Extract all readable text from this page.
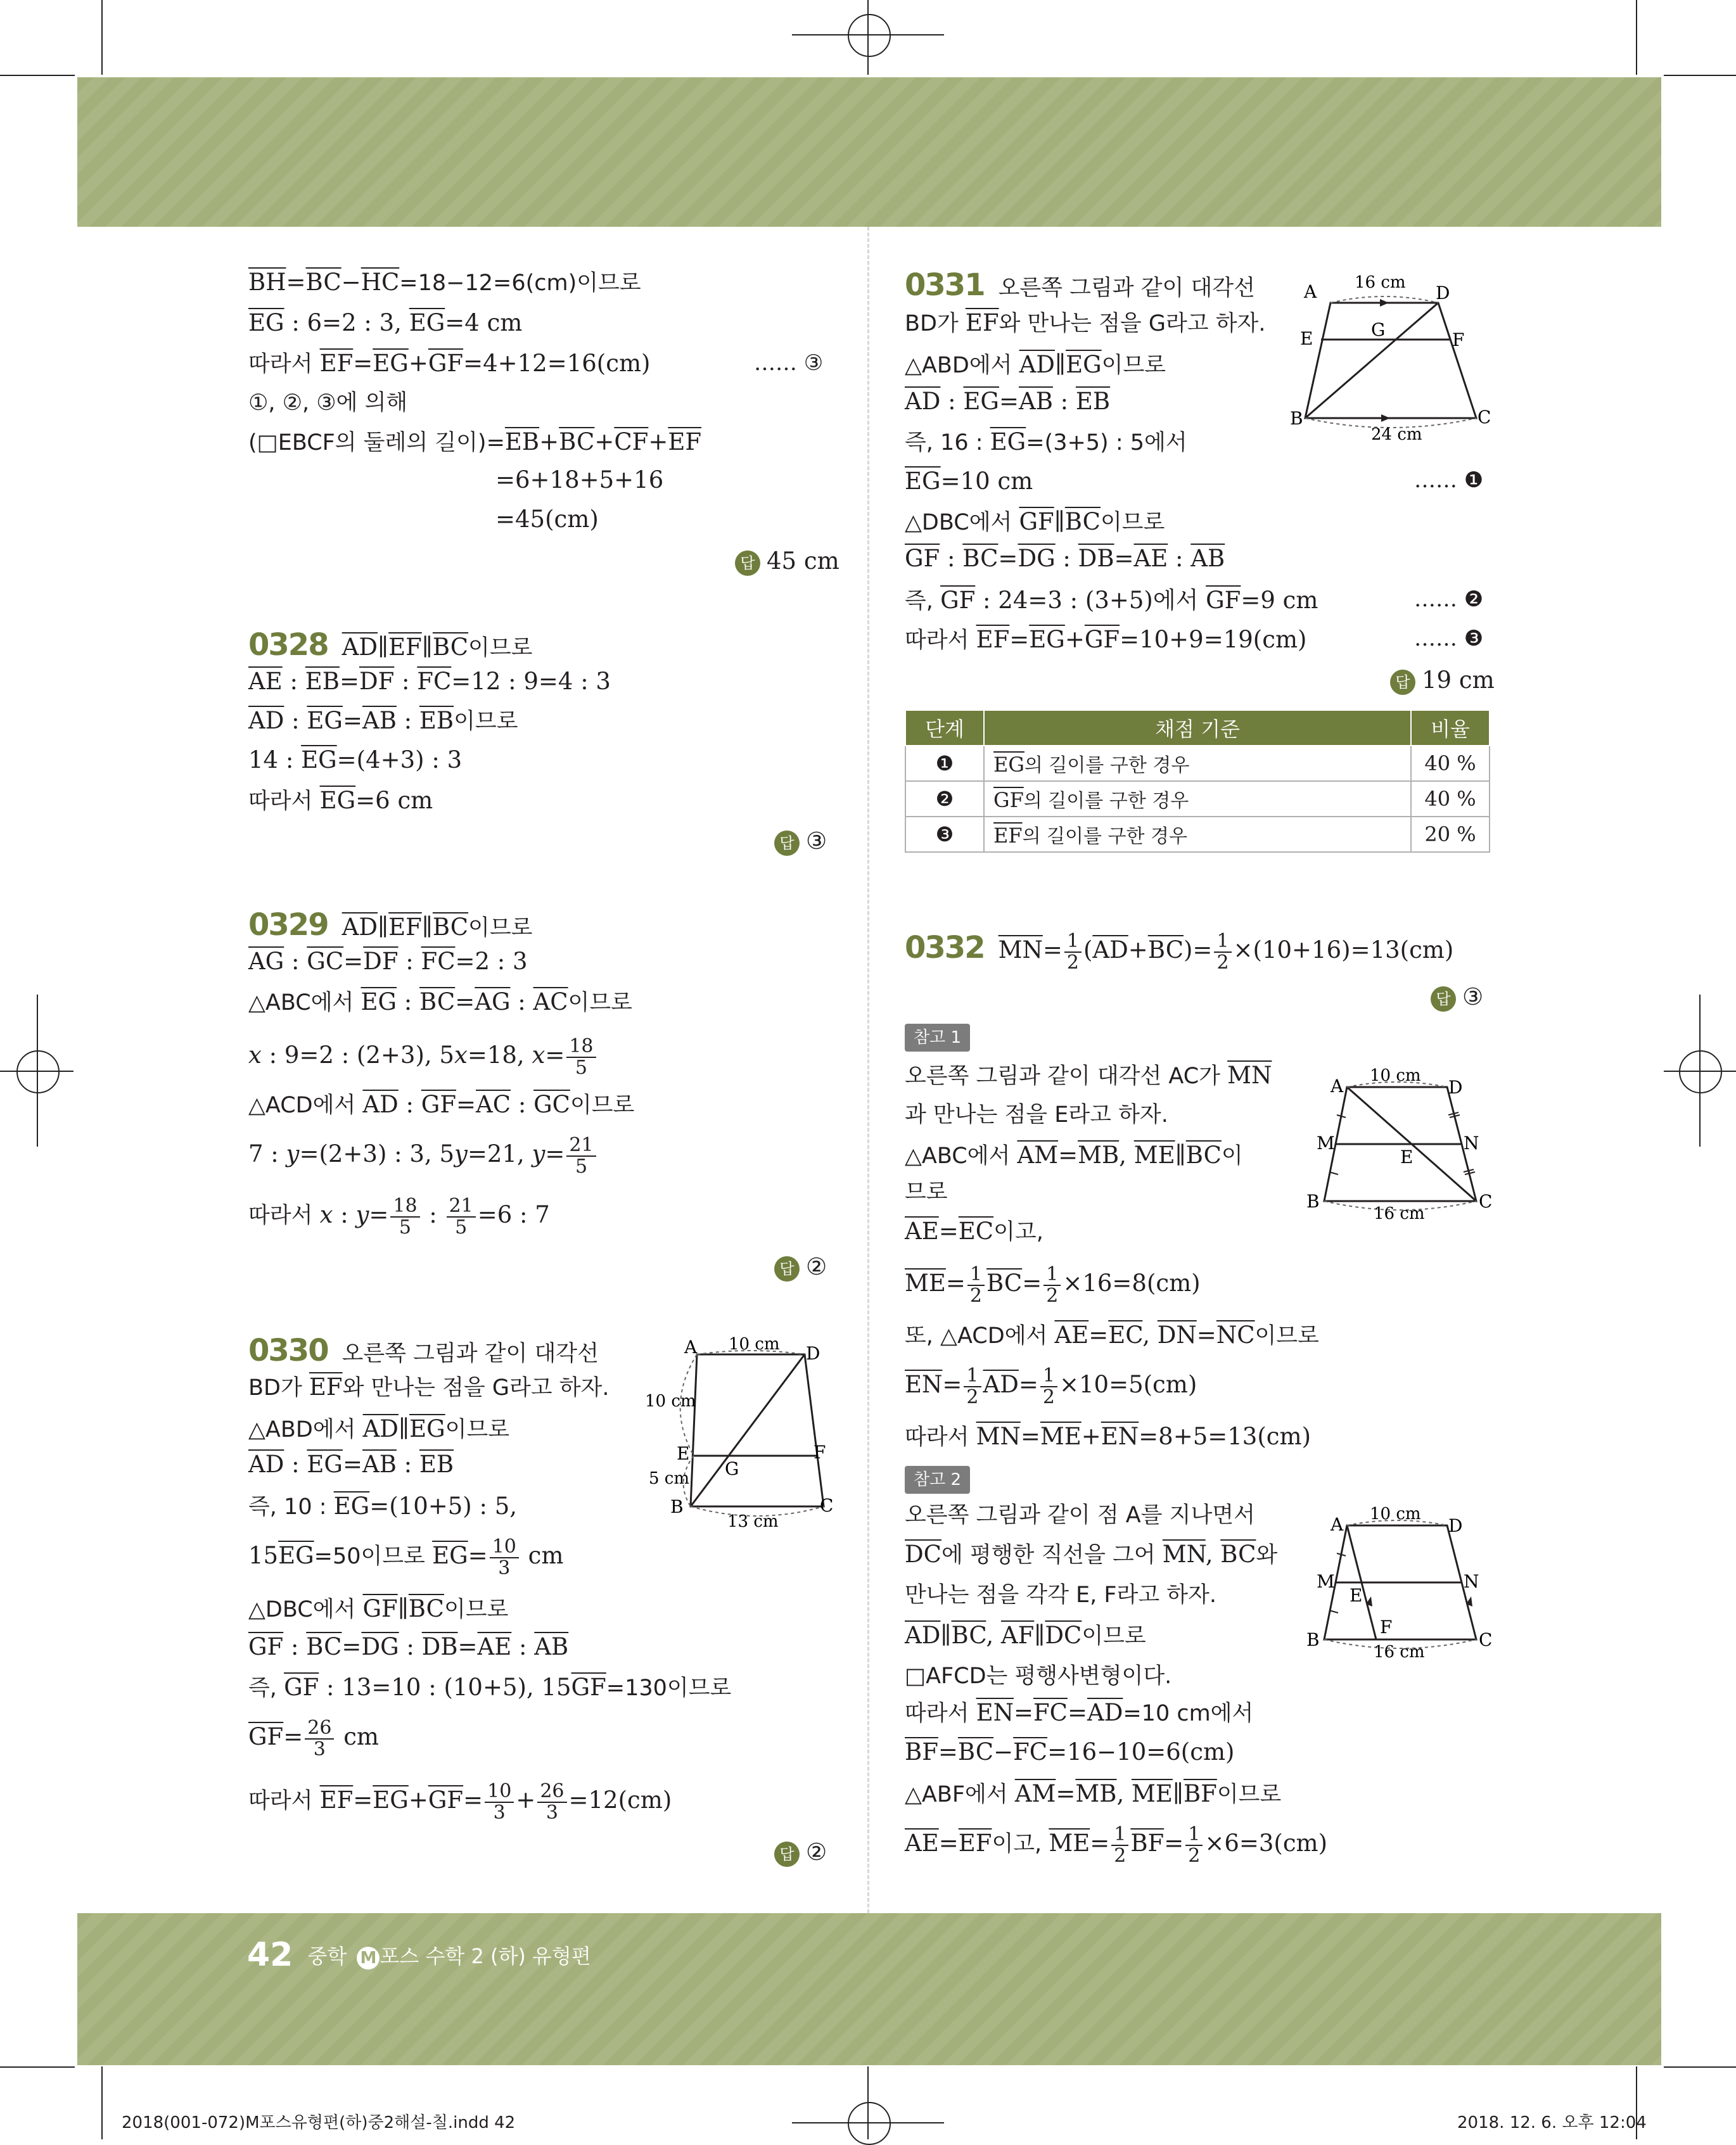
$\overline{BH}=\overline{BC}-\overline{HC}=18-12=6(cm)$이므로
$\overline{EG}$ : 6=2 : 3, $\overline{EG}=4$ cm
따라서 $\overline{EF}=\overline{EG}+\overline{GF}=4+12=16(cm)$	…… ③
①, ②, ③에 의해
(□EBCF의 둘레의 길이)$=\overline{EB}+\overline{BC}+\overline{CF}+\overline{EF}$
=6+18+5+16
=45(cm)
답 45 cm
0328 $\overline{AD}\parallel\overline{EF}\parallel\overline{BC}$이므로
$\overline{AE}$ : $\overline{EB}=\overline{DF}$ : $\overline{FC}=12$ : 9=4 : 3
$\overline{AD}$ : $\overline{EG}=\overline{AB}$ : $\overline{EB}$이므로
14 : $\overline{EG}=(4+3)$ : 3
따라서 $\overline{EG}=6$ cm
답 ③
0329 $\overline{AD}\parallel\overline{EF}\parallel\overline{BC}$이므로
$\overline{AG}$ : $\overline{GC}=\overline{DF}$ : $\overline{FC}=2$ : 3
△ABC에서 $\overline{EG}$ : $\overline{BC}=\overline{AG}$ : $\overline{AC}$이므로
x : 9=2 : (2+3), 5x=18, $x= \frac{18}{5}$
△ACD에서 $\overline{AD}$ : $\overline{GF}=\overline{AC}$ : $\overline{GC}$이므로
7 : y=(2+3) : 3, 5y=21, $y= \frac{21}{5}$
따라서 x : $y= \frac{18}{5}$ : $\frac{21}{5} =6$ : 7
답 ②
0330 오른쪽 그림과 같이 대각선
BD가 $\overline{EF}$와 만나는 점을 G라고 하자.
△ABD에서 $\overline{AD}\parallel\overline{EG}$이므로
$\overline{AD}$ : $\overline{EG}=\overline{AB}$ : $\overline{EB}$
즉, 10 : $\overline{EG}=(10+5)$ : 5,
$15\overline{EG}=50$이므로 $\overline{EG}= \frac{10}{3}$ cm
△DBC에서 $\overline{GF}\parallel\overline{BC}$이므로
$\overline{GF}$ : $\overline{BC}=\overline{DG}$ : $\overline{DB}=\overline{AE}$ : $\overline{AB}$
즉, $\overline{GF}$ : 13=10 : (10+5), $15\overline{GF}=130$이므로
$\overline{GF}= \frac{26}{3}$ cm
따라서 $\overline{EF}=\overline{EG}+\overline{GF}= \frac{10}{3} + \frac{26}{3} =12(cm)$
답 ②
A	D
E	F
G
B	C
10 cm
10 cm
5 cm
13 cm
0331 오른쪽 그림과 같이 대각선
BD가 $\overline{EF}$와 만나는 점을 G라고 하자.
△ABD에서 $\overline{AD}\parallel\overline{EG}$이므로
$\overline{AD}$ : $\overline{EG}=\overline{AB}$ : $\overline{EB}$
즉, 16 : $\overline{EG}=(3+5)$ : 5에서
$\overline{EG}=10$ cm	…… ❶
△DBC에서 $\overline{GF}\parallel\overline{BC}$이므로
$\overline{GF}$ : $\overline{BC}=\overline{DG}$ : $\overline{DB}=\overline{AE}$ : $\overline{AB}$
즉, $\overline{GF}$ : 24=3 : (3+5)에서 $\overline{GF}=9$ cm	…… ❷
따라서 $\overline{EF}=\overline{EG}+\overline{GF}=10+9=19(cm)$	…… ❸
답 19 cm
A	D
E	F
G
B	C
16 cm
24 cm
단계	채점 기준	비율
❶	$\overline{EG}$의 길이를 구한 경우	40 %
❷	$\overline{GF}$의 길이를 구한 경우	40 %
❸	$\overline{EF}$의 길이를 구한 경우	20 %
0332 $\overline{MN}= \frac{1}{2} (\overline{AD}+\overline{BC})= \frac{1}{2} \times(10+16)=13(cm)$
답 ③
참고 1
오른쪽 그림과 같이 대각선 AC가 $\overline{MN}$
과 만나는 점을 E라고 하자.
△ABC에서 $\overline{AM}=\overline{MB}$, $\overline{ME}\parallel\overline{BC}$이
므로
$\overline{AE}=\overline{EC}$이고,
$\overline{ME}= \frac{1}{2} \overline{BC}= \frac{1}{2} \times 16=8(cm)$
또, △ACD에서 $\overline{AE}=\overline{EC}$, $\overline{DN}=\overline{NC}$이므로
$\overline{EN}= \frac{1}{2} \overline{AD}= \frac{1}{2} \times 10=5(cm)$
따라서 $\overline{MN}=\overline{ME}+\overline{EN}=8+5=13(cm)$
A	D
M	N
E
B	C
10 cm
16 cm
참고 2
오른쪽 그림과 같이 점 A를 지나면서
$\overline{DC}$에 평행한 직선을 그어 $\overline{MN}$, $\overline{BC}$와
만나는 점을 각각 E, F라고 하자.
$\overline{AD}\parallel\overline{BC}$, $\overline{AF}\parallel\overline{DC}$이므로
□AFCD는 평행사변형이다.
따라서 $\overline{EN}=\overline{FC}=\overline{AD}=10$ cm에서
$\overline{BF}=\overline{BC}-\overline{FC}=16-10=6(cm)$
△ABF에서 $\overline{AM}=\overline{MB}$, $\overline{ME}\parallel\overline{BF}$이므로
$\overline{AE}=\overline{EF}$이고, $\overline{ME}= \frac{1}{2} \overline{BF}= \frac{1}{2} \times 6=3(cm)$
A	D
M	N
E
F
B	C
10 cm
16 cm
42 중학 M 포스 수학 2 (하) 유형편
2018(001-072)M포스유형편(하)중2해설-칠.indd 42	2018. 12. 6. 오후 12:04
